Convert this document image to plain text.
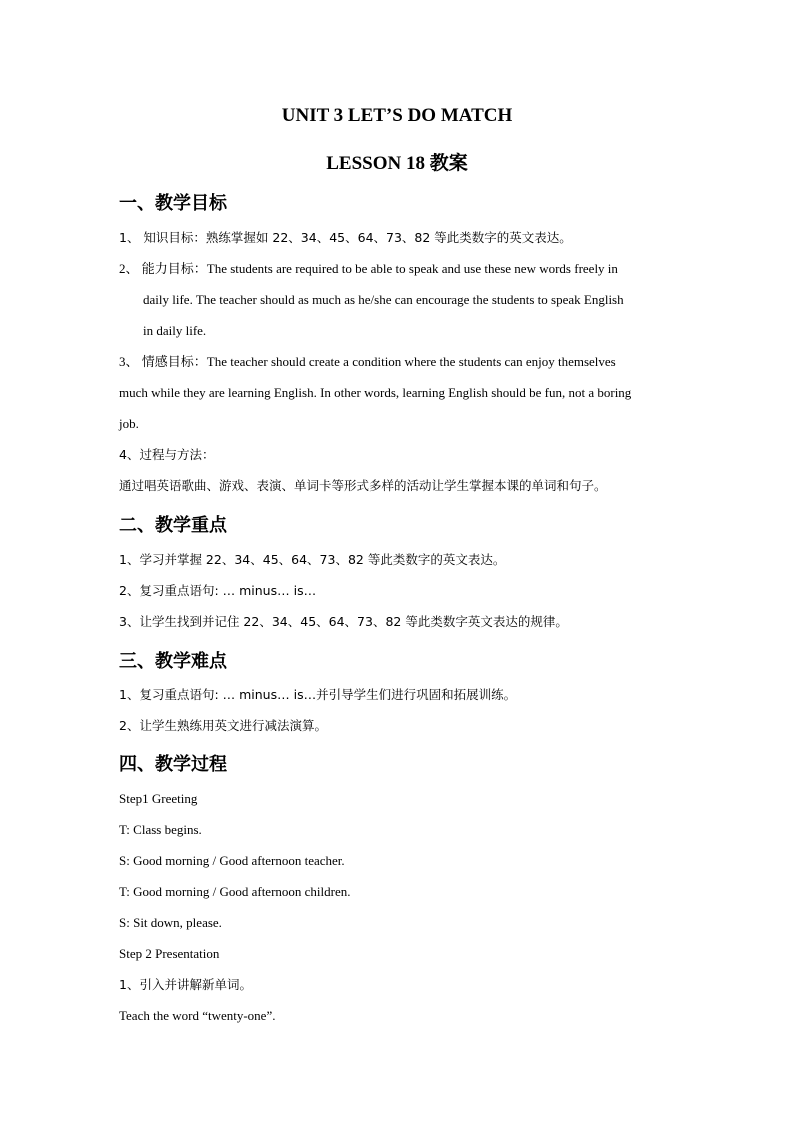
UNIT 3 LET’S DO MATCH
LESSON 18 教案
一、教学目标
1、 知识目标：熟练掌握如 22、34、45、64、73、82 等此类数字的英文表达。
2、 能力目标：The students are required to be able to speak and use these new words freely in
daily life. The teacher should as much as he/she can encourage the students to speak English
in daily life.
3、 情感目标：The teacher should create a condition where the students can enjoy themselves
much while they are learning English. In other words, learning English should be fun, not a boring
job.
4、过程与方法：
通过唱英语歌曲、游戏、表演、单词卡等形式多样的活动让学生掌握本课的单词和句子。
二、教学重点
1、学习并掌握 22、34、45、64、73、82 等此类数字的英文表达。
2、复习重点语句: … minus… is…
3、让学生找到并记住 22、34、45、64、73、82 等此类数字英文表达的规律。
三、教学难点
1、复习重点语句: … minus… is…并引导学生们进行巩固和拓展训练。
2、让学生熟练用英文进行减法演算。
四、教学过程
Step1 Greeting
T: Class begins.
S: Good morning / Good afternoon teacher.
T: Good morning / Good afternoon children.
S: Sit down, please.
Step 2 Presentation
1、引入并讲解新单词。
Teach the word “twenty-one”.
